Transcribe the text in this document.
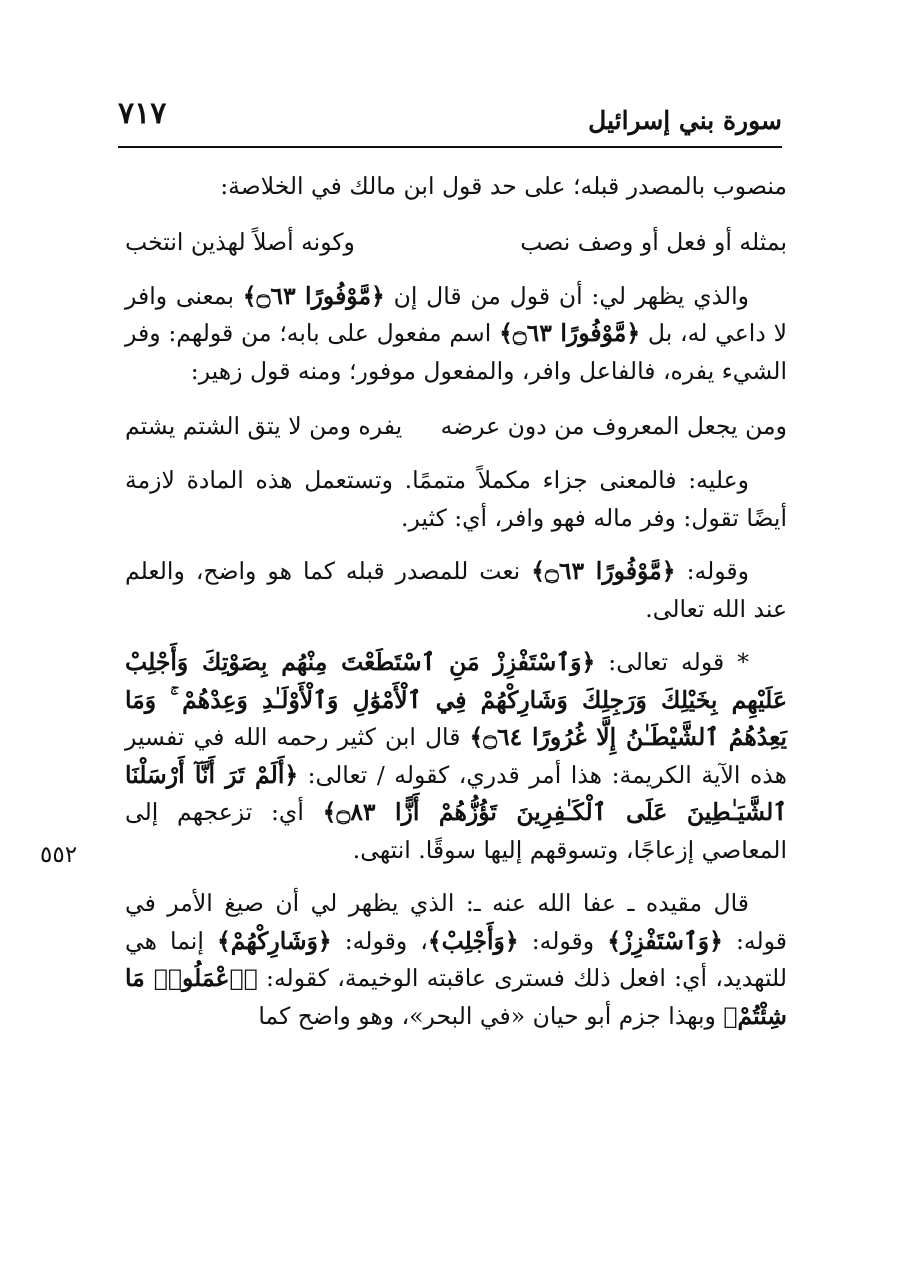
٧١٧	سورة بني إسرائيل
٥٥٢

منصوب بالمصدر قبله؛ على حد قول ابن مالك في الخلاصة:

بمثله أو فعل أو وصف نصب
وكونه أصلاً لهذين انتخب

والذي يظهر لي: أن قول من قال إن ﴿مَّوْفُورًا ۝٦٣﴾ بمعنى وافر لا داعي له، بل ﴿مَّوْفُورًا ۝٦٣﴾ اسم مفعول على بابه؛ من قولهم: وفر الشيء يفره، فالفاعل وافر، والمفعول موفور؛ ومنه قول زهير:

ومن يجعل المعروف من دون عرضه
يفره ومن لا يتق الشتم يشتم

وعليه: فالمعنى جزاء مكملاً متممًا. وتستعمل هذه المادة لازمة أيضًا تقول: وفر ماله فهو وافر، أي: كثير.

وقوله: ﴿مَّوْفُورًا ۝٦٣﴾ نعت للمصدر قبله كما هو واضح، والعلم عند الله تعالى.

* قوله تعالى: ﴿وَٱسْتَفْزِزْ مَنِ ٱسْتَطَعْتَ مِنْهُم بِصَوْتِكَ وَأَجْلِبْ عَلَيْهِم بِخَيْلِكَ وَرَجِلِكَ وَشَارِكْهُمْ فِي ٱلْأَمْوَٰلِ وَٱلْأَوْلَـٰدِ وَعِدْهُمْ ۚ وَمَا يَعِدُهُمُ ٱلشَّيْطَـٰنُ إِلَّا غُرُورًا ۝٦٤﴾ قال ابن كثير رحمه الله في تفسير هذه الآية الكريمة: هذا أمر قدري، كقوله / تعالى: ﴿أَلَمْ تَرَ أَنَّآ أَرْسَلْنَا ٱلشَّيَـٰطِينَ عَلَى ٱلْكَـٰفِرِينَ تَؤُزُّهُمْ أَزًّا ۝٨٣﴾ أي: تزعجهم إلى المعاصي إزعاجًا، وتسوقهم إليها سوقًا. انتهى.

قال مقيده ـ عفا الله عنه ـ: الذي يظهر لي أن صيغ الأمر في قوله: ﴿وَٱسْتَفْزِزْ﴾ وقوله: ﴿وَأَجْلِبْ﴾، وقوله: ﴿وَشَارِكْهُمْ﴾ إنما هي للتهديد، أي: افعل ذلك فسترى عاقبته الوخيمة، كقوله: ﴿ٱعْمَلُوا۟ مَا شِئْتُمْ﴾ وبهذا جزم أبو حيان «في البحر»، وهو واضح كما
